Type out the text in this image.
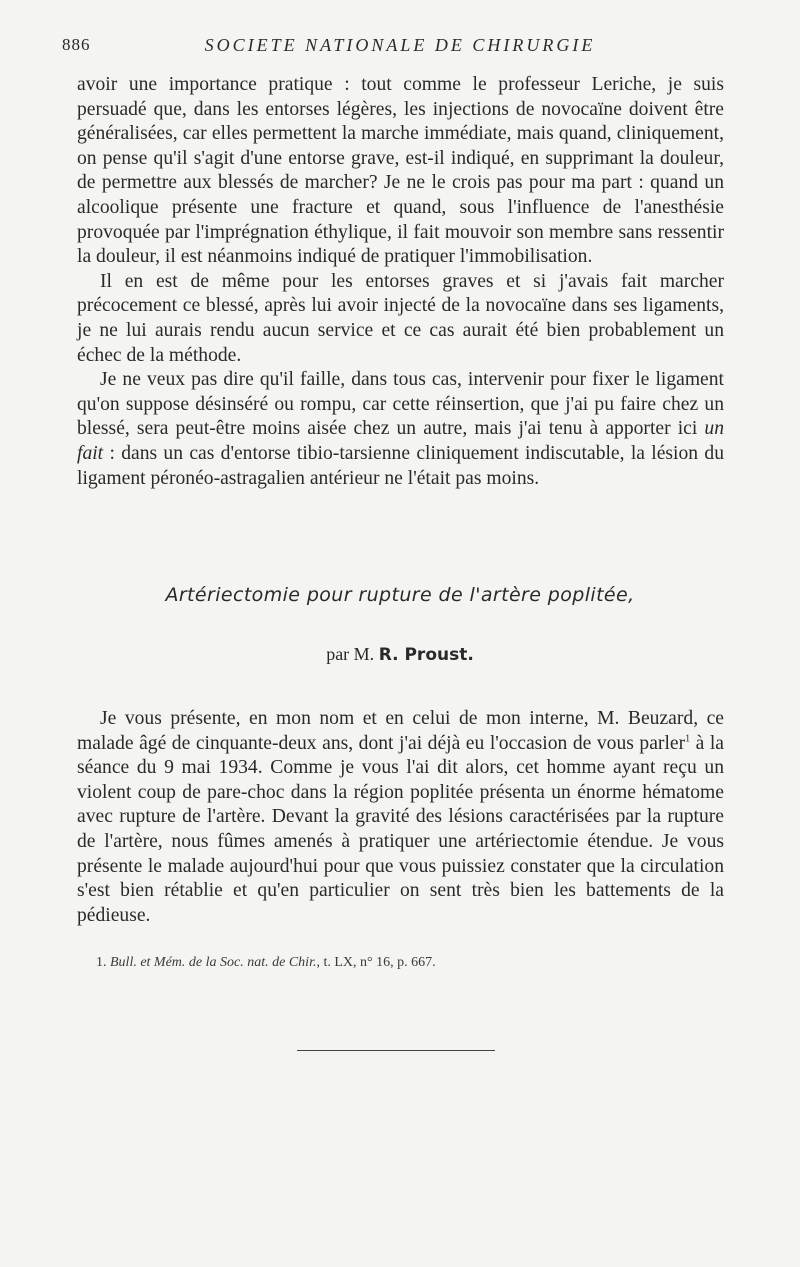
886	SOCIETE NATIONALE DE CHIRURGIE

avoir une importance pratique : tout comme le professeur Leriche, je suis persuadé que, dans les entorses légères, les injections de novocaïne doivent être généralisées, car elles permettent la marche immédiate, mais quand, cliniquement, on pense qu'il s'agit d'une entorse grave, est-il indiqué, en supprimant la douleur, de permettre aux blessés de marcher? Je ne le crois pas pour ma part : quand un alcoolique présente une fracture et quand, sous l'influence de l'anesthésie provoquée par l'imprégnation éthylique, il fait mouvoir son membre sans ressentir la douleur, il est néanmoins indiqué de pratiquer l'immobilisation.

Il en est de même pour les entorses graves et si j'avais fait marcher précocement ce blessé, après lui avoir injecté de la novocaïne dans ses ligaments, je ne lui aurais rendu aucun service et ce cas aurait été bien probablement un échec de la méthode.

Je ne veux pas dire qu'il faille, dans tous cas, intervenir pour fixer le ligament qu'on suppose désinséré ou rompu, car cette réinsertion, que j'ai pu faire chez un blessé, sera peut-être moins aisée chez un autre, mais j'ai tenu à apporter ici un fait : dans un cas d'entorse tibio-tarsienne cliniquement indiscutable, la lésion du ligament péronéo-astragalien antérieur ne l'était pas moins.

Artériectomie pour rupture de l'artère poplitée,
par M. R. Proust.

Je vous présente, en mon nom et en celui de mon interne, M. Beuzard, ce malade âgé de cinquante-deux ans, dont j'ai déjà eu l'occasion de vous parler$^1$ à la séance du 9 mai 1934. Comme je vous l'ai dit alors, cet homme ayant reçu un violent coup de pare-choc dans la région poplitée présenta un énorme hématome avec rupture de l'artère. Devant la gravité des lésions caractérisées par la rupture de l'artère, nous fûmes amenés à pratiquer une artériectomie étendue. Je vous présente le malade aujourd'hui pour que vous puissiez constater que la circulation s'est bien rétablie et qu'en particulier on sent très bien les battements de la pédieuse.

1. Bull. et Mém. de la Soc. nat. de Chir., t. LX, n° 16, p. 667.
